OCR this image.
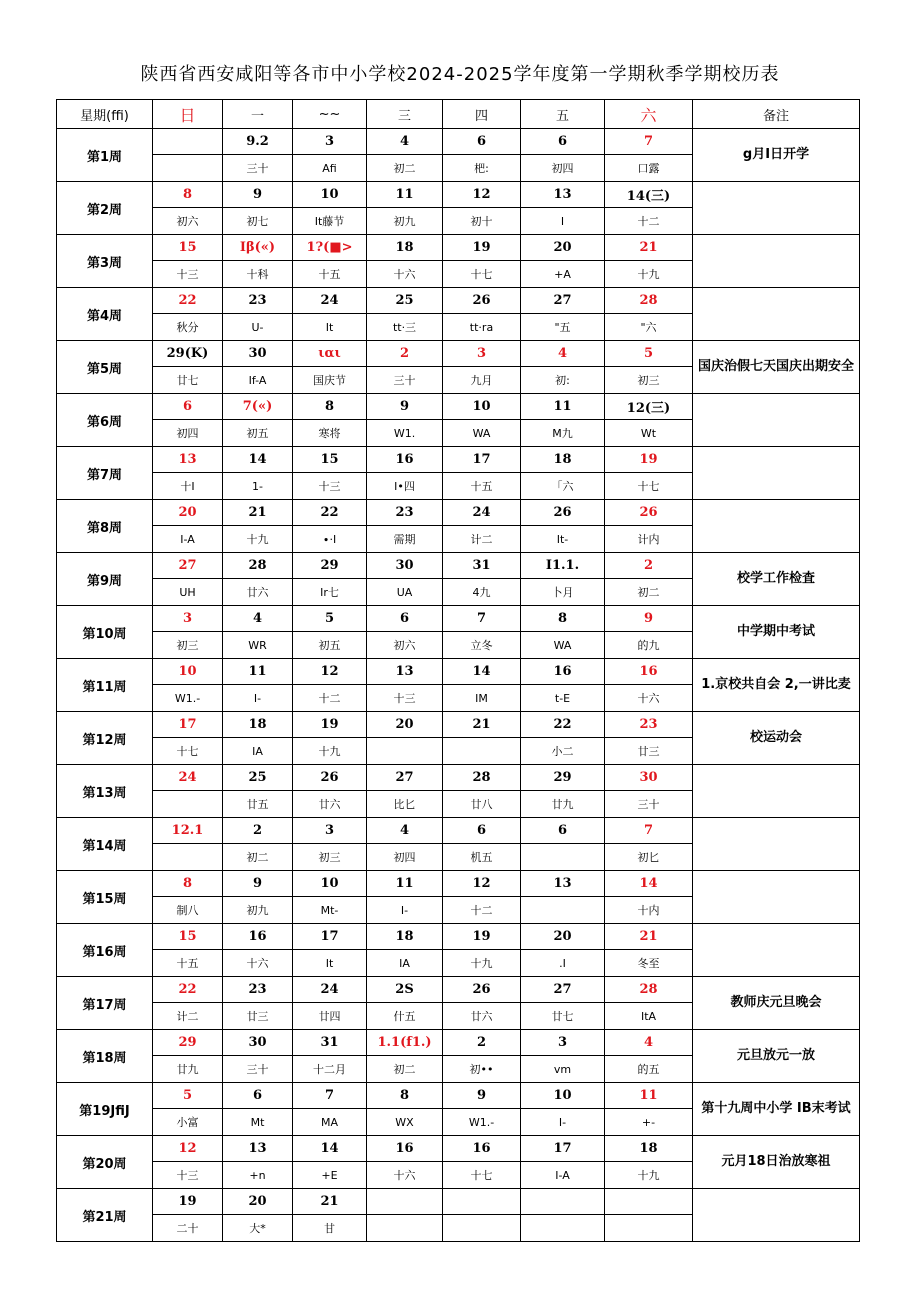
陕西省西安咸阳等各市中小学校2024-2025学年度第一学期秋季学期校历表
星期(ffi)	日	一	~~	三	四	五	六	备注
第1周		9.2	3	4	6	6	7	g月I日开学
		三十	Afi	初二	杷:	初四	口露	
第2周	8	9	10	11	12	13	14(三)	
	初六	初七	It藤节	初九	初十	I	十二	
第3周	15	Iβ(«)	1?(■>	18	19	20	21	
	十三	十科	十五	十六	十七	+A	十九	
第4周	22	23	24	25	26	27	28	
	秋分	U-	It	tt·三	tt·ra	"五	"六	
第5周	29(K)	30	ιαι	2	3	4	5	国庆治假七天国庆出期安全
	廿七	If-A	国庆节	三十	九月	初:	初三	
第6周	6	7(«)	8	9	10	11	12(三)	
	初四	初五	寒将	W1.	WA	M九	Wt	
第7周	13	14	15	16	17	18	19	
	十I	1-	十三	I•四	十五	「六	十七	
第8周	20	21	22	23	24	26	26	
	I-A	十九	∙·I	需期	计二	It-	计内	
第9周	27	28	29	30	31	I1.1.	2	校学工作检査
	UH	廿六	Ir七	UA	4九	卜月	初二	
第10周	3	4	5	6	7	8	9	中学期中考试
	初三	WR	初五	初六	立冬	WA	的九	
第11周	10	11	12	13	14	16	16	1.京校共自会 2,一讲比麦
	W1.-	I-	十二	十三	IM	t-E	十六	
第12周	17	18	19	20	21	22	23	校运动会
	十七	IA	十九			小二	廿三	
第13周	24	25	26	27	28	29	30	
		廿五	廿六	比匕	廿八	廿九	三十	
第14周	12.1	2	3	4	6	6	7	
		初二	初三	初四	机五		初匕	
第15周	8	9	10	11	12	13	14	
	制八	初九	Mt-	I-	十二		十内	
第16周	15	16	17	18	19	20	21	
	十五	十六	It	IA	十九	.I	冬至	
第17周	22	23	24	2S	26	27	28	教师庆元旦晚会
	计二	廿三	廿四	什五	廿六	廿七	ItA	
第18周	29	30	31	1.1(f1.)	2	3	4	元旦放元一放
	廿九	三十	十二月	初二	初••	vm	的五	
第19JfiJ	5	6	7	8	9	10	11	第十九周中小学 IB末考试
	小富	Mt	MA	WX	W1.-	I-	+-	
第20周	12	13	14	16	16	17	18	元月18日治放寒祖
	十三	+n	+E	十六	十七	I-A	十九	
第21周	19	20	21					
	二十	大*	甘					
